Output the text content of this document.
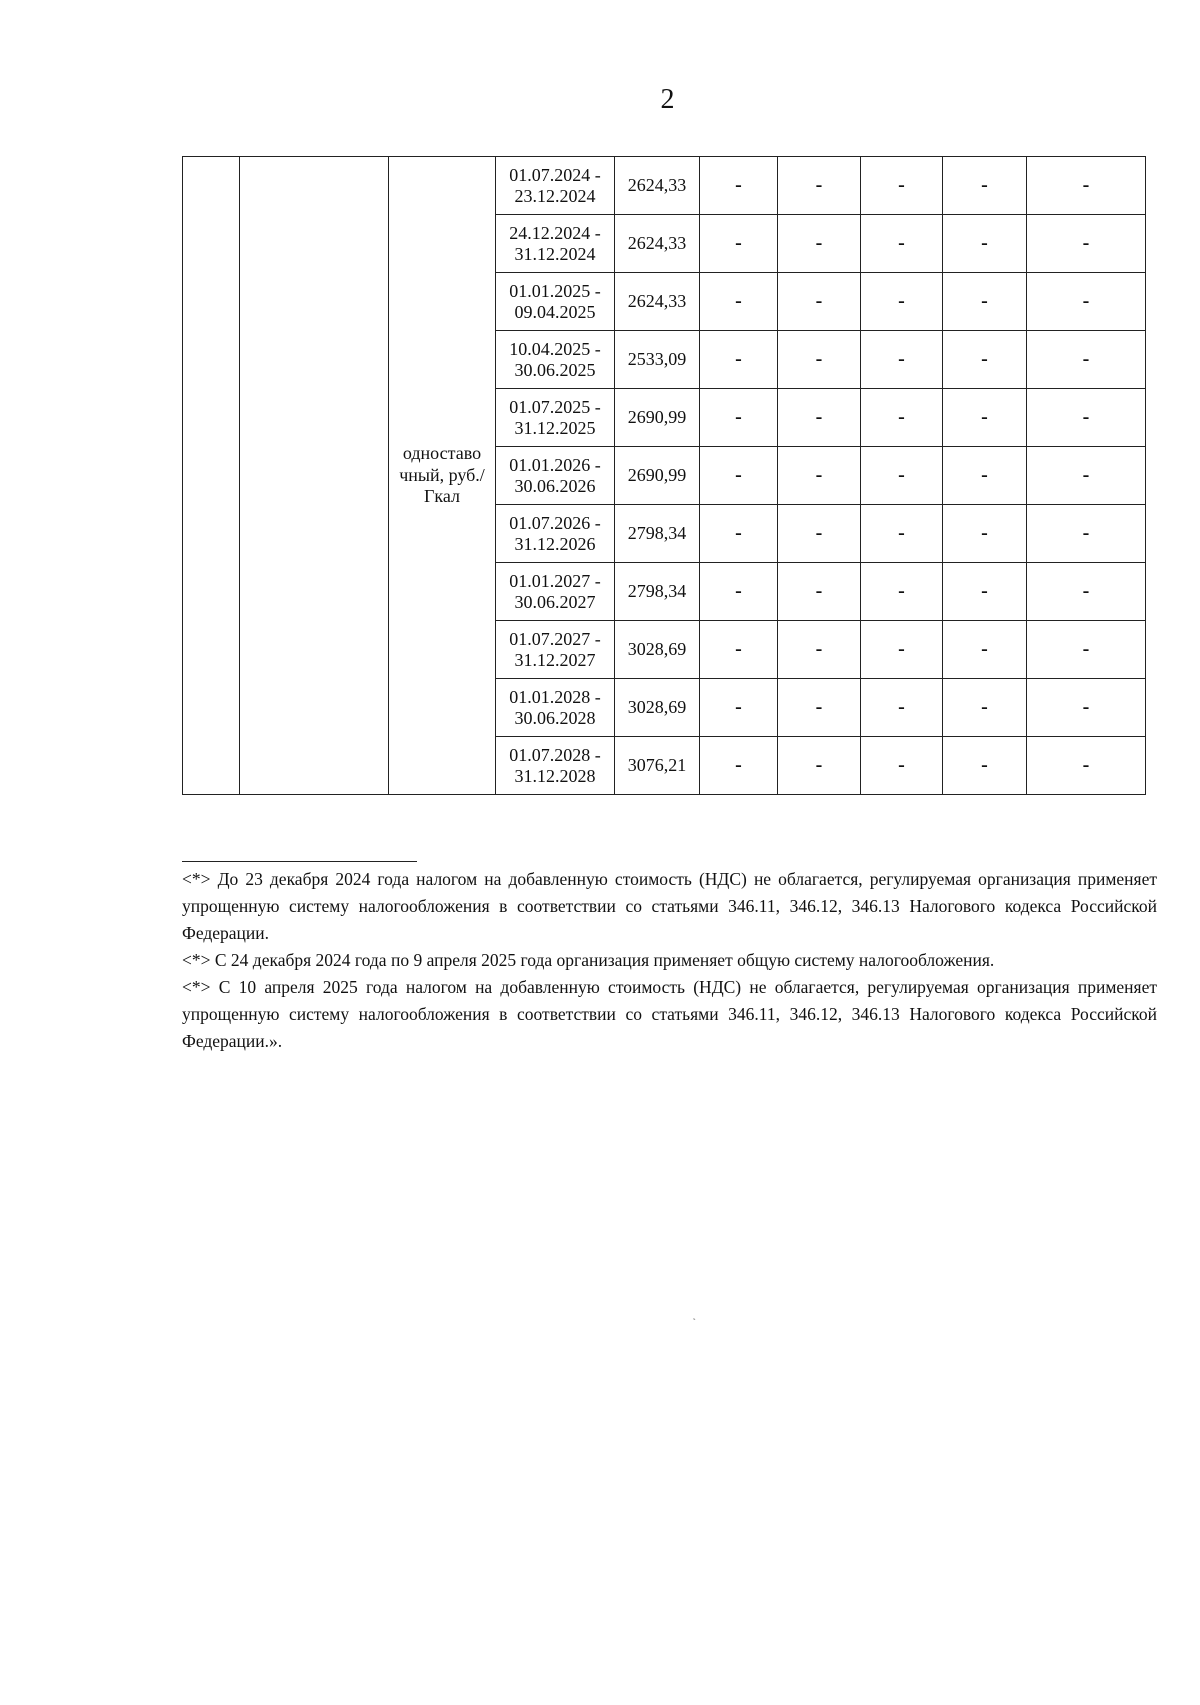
2
		одноставо чный, руб./Гкал	01.07.2024 - 23.12.2024	2624,33	-	-	-	-	-
			24.12.2024 - 31.12.2024	2624,33	-	-	-	-	-
			01.01.2025 - 09.04.2025	2624,33	-	-	-	-	-
			10.04.2025 - 30.06.2025	2533,09	-	-	-	-	-
			01.07.2025 - 31.12.2025	2690,99	-	-	-	-	-
			01.01.2026 - 30.06.2026	2690,99	-	-	-	-	-
			01.07.2026 - 31.12.2026	2798,34	-	-	-	-	-
			01.01.2027 - 30.06.2027	2798,34	-	-	-	-	-
			01.07.2027 - 31.12.2027	3028,69	-	-	-	-	-
			01.01.2028 - 30.06.2028	3028,69	-	-	-	-	-
			01.07.2028 - 31.12.2028	3076,21	-	-	-	-	-

<*> До 23 декабря 2024 года налогом на добавленную стоимость (НДС) не облагается, регулируемая организация применяет упрощенную систему налогообложения в соответствии со статьями 346.11, 346.12, 346.13 Налогового кодекса Российской Федерации.

<*> С 24 декабря 2024 года по 9 апреля 2025 года организация применяет общую систему налогообложения.

<*> С 10 апреля 2025 года налогом на добавленную стоимость (НДС) не облагается, регулируемая организация применяет упрощенную систему налогообложения в соответствии со статьями 346.11, 346.12, 346.13 Налогового кодекса Российской Федерации.».

˛
